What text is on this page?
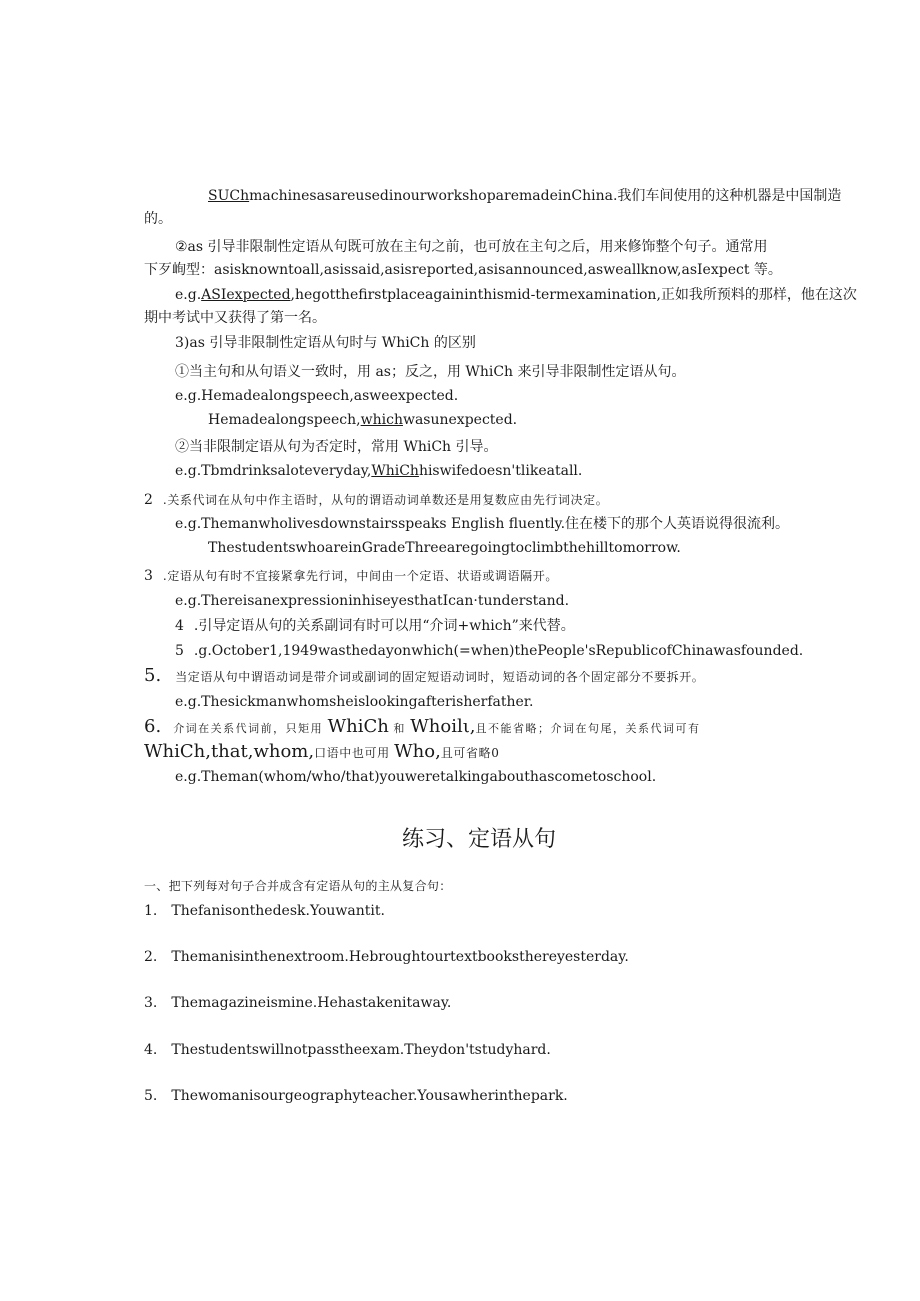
SUChmachinesasareusedinourworkshoparemadeinChina.我们车间使用的这种机器是中国制造
的。
②as 引导非限制性定语从句既可放在主句之前，也可放在主句之后，用来修饰整个句子。通常用
下歹峋型：asisknowntoall,asissaid,asisreported,asisannounced,asweallknow,asIexpect 等。
e.g.ASIexpected,hegotthefirstplaceagaininthismid-termexamination,正如我所预料的那样，他在这次
期中考试中又获得了第一名。
3)as 引导非限制性定语从句时与 WhiCh 的区别
①当主句和从句语义一致时，用 as；反之，用 WhiCh 来引导非限制性定语从句。
e.g.Hemadealongspeech,asweexpected.
Hemadealongspeech,whichwasunexpected.
②当非限制定语从句为否定时，常用 WhiCh 引导。
e.g.Tbmdrinksaloteveryday,WhiChhiswifedoesn'tlikeatall.
2 .关系代词在从句中作主语时，从句的谓语动词单数还是用复数应由先行词决定。
e.g.Themanwholivesdownstairsspeaks English fluently.住在楼下的那个人英语说得很流利。
ThestudentswhoareinGradeThreearegoingtoclimbthehilltomorrow.
3 .定语从句有时不宜接紧拿先行词，中间由一个定语、状语或调语隔开。
e.g.ThereisanexpressioninhiseyesthatIcan·tunderstand.
4 .引导定语从句的关系副词有时可以用“介词+which”来代替。
5 .g.October1,1949wasthedayonwhich(=when)thePeople'sRepublicofChinawasfounded.
5. 当定语从句中谓语动词是带介词或副词的固定短语动词时，短语动词的各个固定部分不要拆开。
e.g.Thesickmanwhomsheislookingafterisherfather.
6. 介词在关系代词前，只矩用 WhiCh 和 Whoilι,且不能省略；介词在句尾，关系代词可有
WhiCh,that,whom,口语中也可用 Who,且可省略0
e.g.Theman(whom/who/that)youweretalkingabouthascometoschool.
练习、定语从句
一、把下列每对句子合并成含有定语从句的主从复合句：
1. Thefanisonthedesk.Youwantit.
2. Themanisinthenextroom.Hebroughtourtextbooksthereyesterday.
3. Themagazineismine.Hehastakenitaway.
4. Thestudentswillnotpasstheexam.Theydon'tstudyhard.
5. Thewomanisourgeographyteacher.Yousawherinthepark.
